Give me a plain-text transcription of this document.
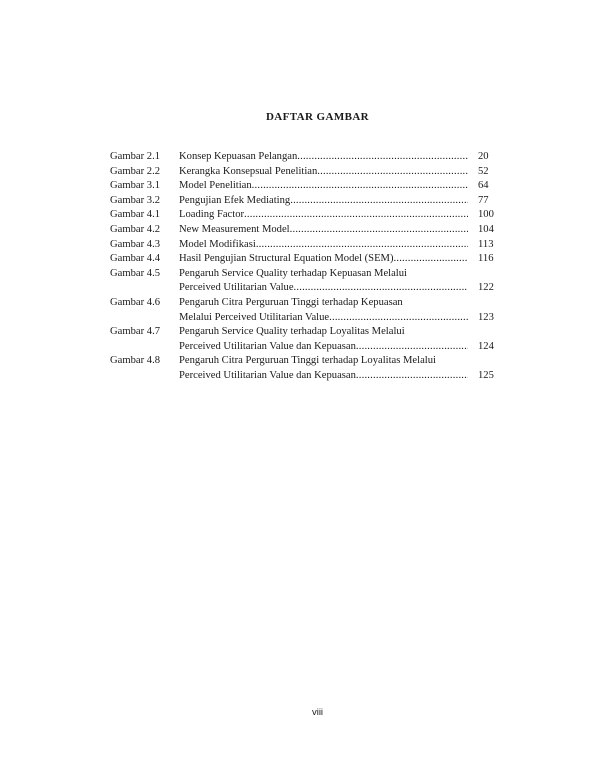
DAFTAR GAMBAR
Gambar 2.1	Konsep Kepuasan Pelangan .....	20
Gambar 2.2	Kerangka Konsepsual Penelitian .....	52
Gambar 3.1	Model Penelitian .....	64
Gambar 3.2	Pengujian Efek Mediating .....	77
Gambar 4.1	Loading Factor .....	100
Gambar 4.2	New Measurement Model .....	104
Gambar 4.3	Model Modifikasi .....	113
Gambar 4.4	Hasil Pengujian Structural Equation Model (SEM) .....	116
Gambar 4.5	Pengaruh Service Quality terhadap Kepuasan Melalui
Perceived Utilitarian Value .....	122
Gambar 4.6	Pengaruh Citra Perguruan Tinggi terhadap Kepuasan
Melalui Perceived Utilitarian Value .....	123
Gambar 4.7	Pengaruh Service Quality terhadap Loyalitas Melalui
Perceived Utilitarian Value dan Kepuasan .....	124
Gambar 4.8	Pengaruh Citra Perguruan Tinggi terhadap Loyalitas Melalui
Perceived Utilitarian Value dan Kepuasan .....	125
viii
